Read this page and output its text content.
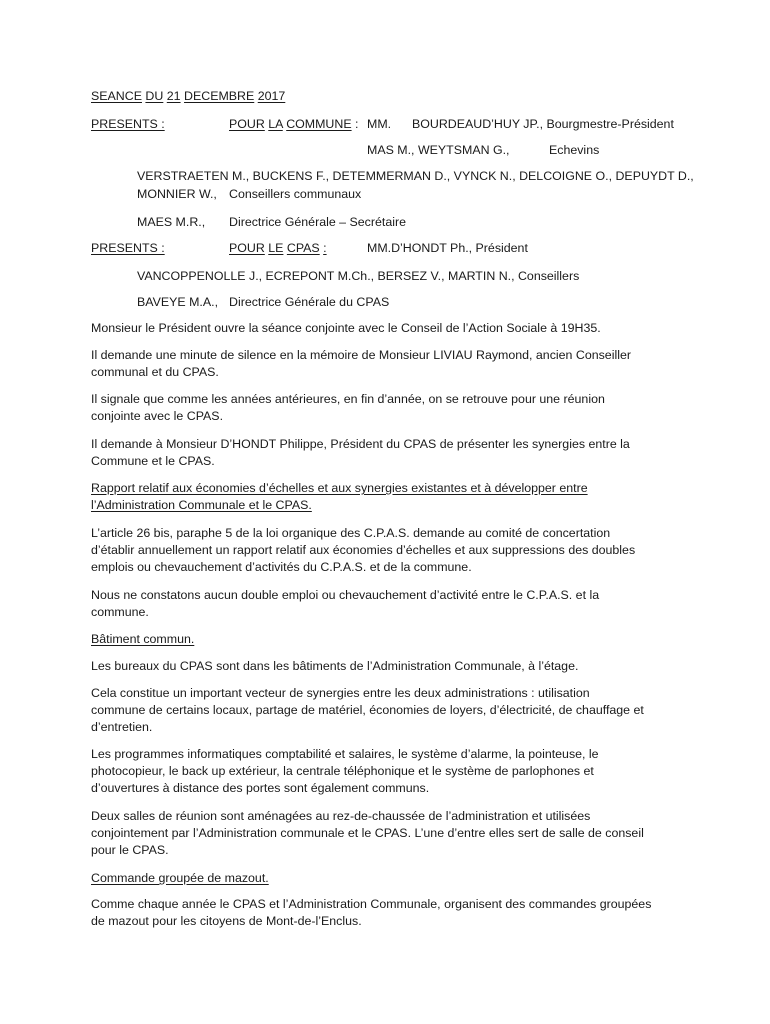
SEANCE DU 21 DECEMBRE 2017
PRESENTS :	POUR LA COMMUNE : MM. BOURDEAUD’HUY JP., Bourgmestre-Président
MAS M., WEYTSMAN G.,	Echevins
VERSTRAETEN M., BUCKENS F., DETEMMERMAN D., VYNCK N., DELCOIGNE O., DEPUYDT D.,
MONNIER W., Conseillers communaux
MAES M.R., Directrice Générale – Secrétaire
PRESENTS :	POUR LE CPAS :	MM.D’HONDT Ph., Président
VANCOPPENOLLE J., ECREPONT M.Ch., BERSEZ V., MARTIN N., Conseillers
BAVEYE M.A., Directrice Générale du CPAS
Monsieur le Président ouvre la séance conjointe avec le Conseil de l’Action Sociale à 19H35.
Il demande une minute de silence en la mémoire de Monsieur LIVIAU Raymond, ancien Conseiller
communal et du CPAS.
Il signale que comme les années antérieures, en fin d’année, on se retrouve pour une réunion
conjointe avec le CPAS.
Il demande à Monsieur D’HONDT Philippe, Président du CPAS de présenter les synergies entre la
Commune et le CPAS.
Rapport relatif aux économies d’échelles et aux synergies existantes et à développer entre
l’Administration Communale et le CPAS.
L’article 26 bis, paraphe 5 de la loi organique des C.P.A.S. demande au comité de concertation
d’établir annuellement un rapport relatif aux économies d’échelles et aux suppressions des doubles
emplois ou chevauchement d’activités du C.P.A.S. et de la commune.
Nous ne constatons aucun double emploi ou chevauchement d’activité entre le C.P.A.S. et la
commune.
Bâtiment commun.
Les bureaux du CPAS sont dans les bâtiments de l’Administration Communale, à l’étage.
Cela constitue un important vecteur de synergies entre les deux administrations : utilisation
commune de certains locaux, partage de matériel, économies de loyers, d’électricité, de chauffage et
d’entretien.
Les programmes informatiques comptabilité et salaires, le système d’alarme, la pointeuse, le
photocopieur, le back up extérieur, la centrale téléphonique et le système de parlophones et
d’ouvertures à distance des portes sont également communs.
Deux salles de réunion sont aménagées au rez-de-chaussée de l’administration et utilisées
conjointement par l’Administration communale et le CPAS. L’une d’entre elles sert de salle de conseil
pour le CPAS.
Commande groupée de mazout.
Comme chaque année le CPAS et l’Administration Communale, organisent des commandes groupées
de mazout pour les citoyens de Mont-de-l’Enclus.
